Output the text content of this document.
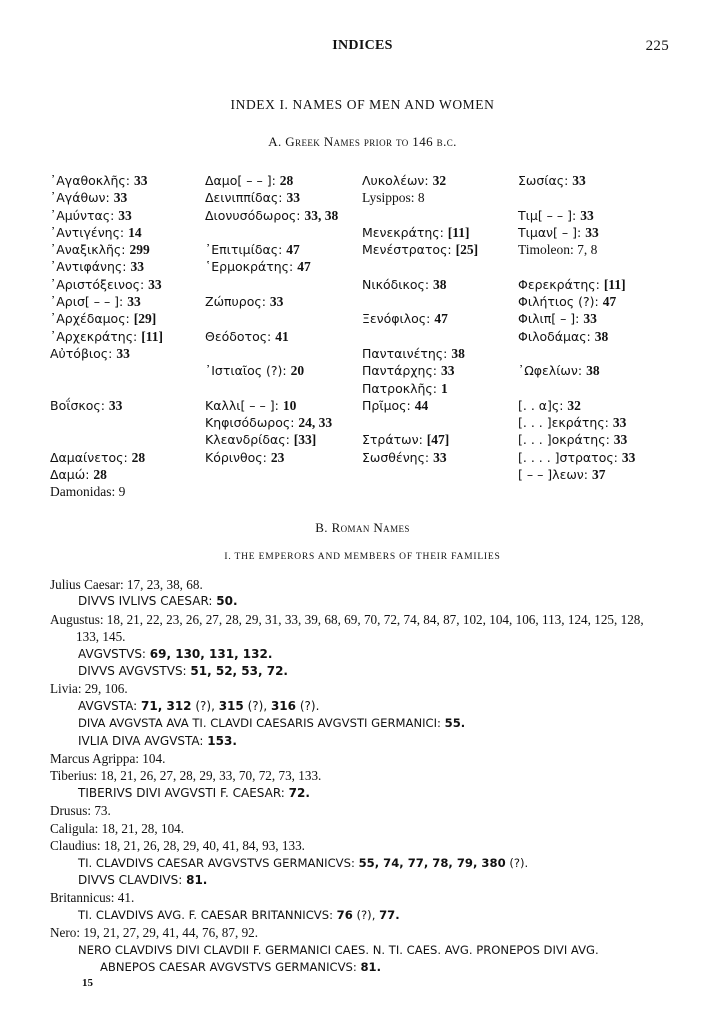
INDICES	225
INDEX I. NAMES OF MEN AND WOMEN
A. Greek Names prior to 146 b.c.
᾽Αγαθοκλῆς: 33
᾽Αγάθων: 33
᾽Αμύντας: 33
᾽Αντιγένης: 14
᾽Αναξικλῆς: 299
᾽Αντιφάνης: 33
᾽Αριστόξεινος: 33
᾽Αρισ[ – – ]: 33
᾽Αρχέδαμος: [29]
᾽Αρχεκράτης: [11]
Αὐτόβιος: 33
Βοΐσκος: 33
Δαμαίνετος: 28
Δαμώ: 28
Damonidas: 9
Δαμο[ – – ]: 28
Δεινιππίδας: 33
Διονυσόδωρος: 33, 38
᾽Επιτιμίδας: 47
῾Ερμοκράτης: 47
Ζώπυρος: 33
Θεόδοτος: 41
᾽Ιστιαῖος (?): 20
Καλλι[ – – ]: 10
Κηφισόδωρος: 24, 33
Κλεανδρίδας: [33]
Κόρινθος: 23
Λυκολέων: 32
Lysippos: 8
Μενεκράτης: [11]
Μενέστρατος: [25]
Νικόδικος: 38
Ξενόφιλος: 47
Πανταινέτης: 38
Παντάρχης: 33
Πατροκλῆς: 1
Πρῖμος: 44
Στράτων: [47]
Σωσθένης: 33
Σωσίας: 33
Τιμ[ – – ]: 33
Τιμαν[ – ]: 33
Timoleon: 7, 8
Φερεκράτης: [11]
Φιλήτιος (?): 47
Φιλιπ[ – ]: 33
Φιλοδάμας: 38
᾽Ωφελίων: 38
[. . α]ς: 32
[. . . ]εκράτης: 33
[. . . ]οκράτης: 33
[. . . . ]στρατος: 33
[ – – ]λεων: 37
B. Roman Names
I. THE EMPERORS AND MEMBERS OF THEIR FAMILIES
Julius Caesar: 17, 23, 38, 68.
DIVVS IVLIVS CAESAR: 50.
Augustus: 18, 21, 22, 23, 26, 27, 28, 29, 31, 33, 39, 68, 69, 70, 72, 74, 84, 87, 102, 104, 106, 113, 124, 125, 128,
133, 145.
AVGVSTVS: 69, 130, 131, 132.
DIVVS AVGVSTVS: 51, 52, 53, 72.
Livia: 29, 106.
AVGVSTA: 71, 312 (?), 315 (?), 316 (?).
DIVA AVGVSTA AVA TI. CLAVDI CAESARIS AVGVSTI GERMANICI: 55.
IVLIA DIVA AVGVSTA: 153.
Marcus Agrippa: 104.
Tiberius: 18, 21, 26, 27, 28, 29, 33, 70, 72, 73, 133.
TIBERIVS DIVI AVGVSTI F. CAESAR: 72.
Drusus: 73.
Caligula: 18, 21, 28, 104.
Claudius: 18, 21, 26, 28, 29, 40, 41, 84, 93, 133.
TI. CLAVDIVS CAESAR AVGVSTVS GERMANICVS: 55, 74, 77, 78, 79, 380 (?).
DIVVS CLAVDIVS: 81.
Britannicus: 41.
TI. CLAVDIVS AVG. F. CAESAR BRITANNICVS: 76 (?), 77.
Nero: 19, 21, 27, 29, 41, 44, 76, 87, 92.
NERO CLAVDIVS DIVI CLAVDII F. GERMANICI CAES. N. TI. CAES. AVG. PRONEPOS DIVI AVG.
ABNEPOS CAESAR AVGVSTVS GERMANICVS: 81.
15
